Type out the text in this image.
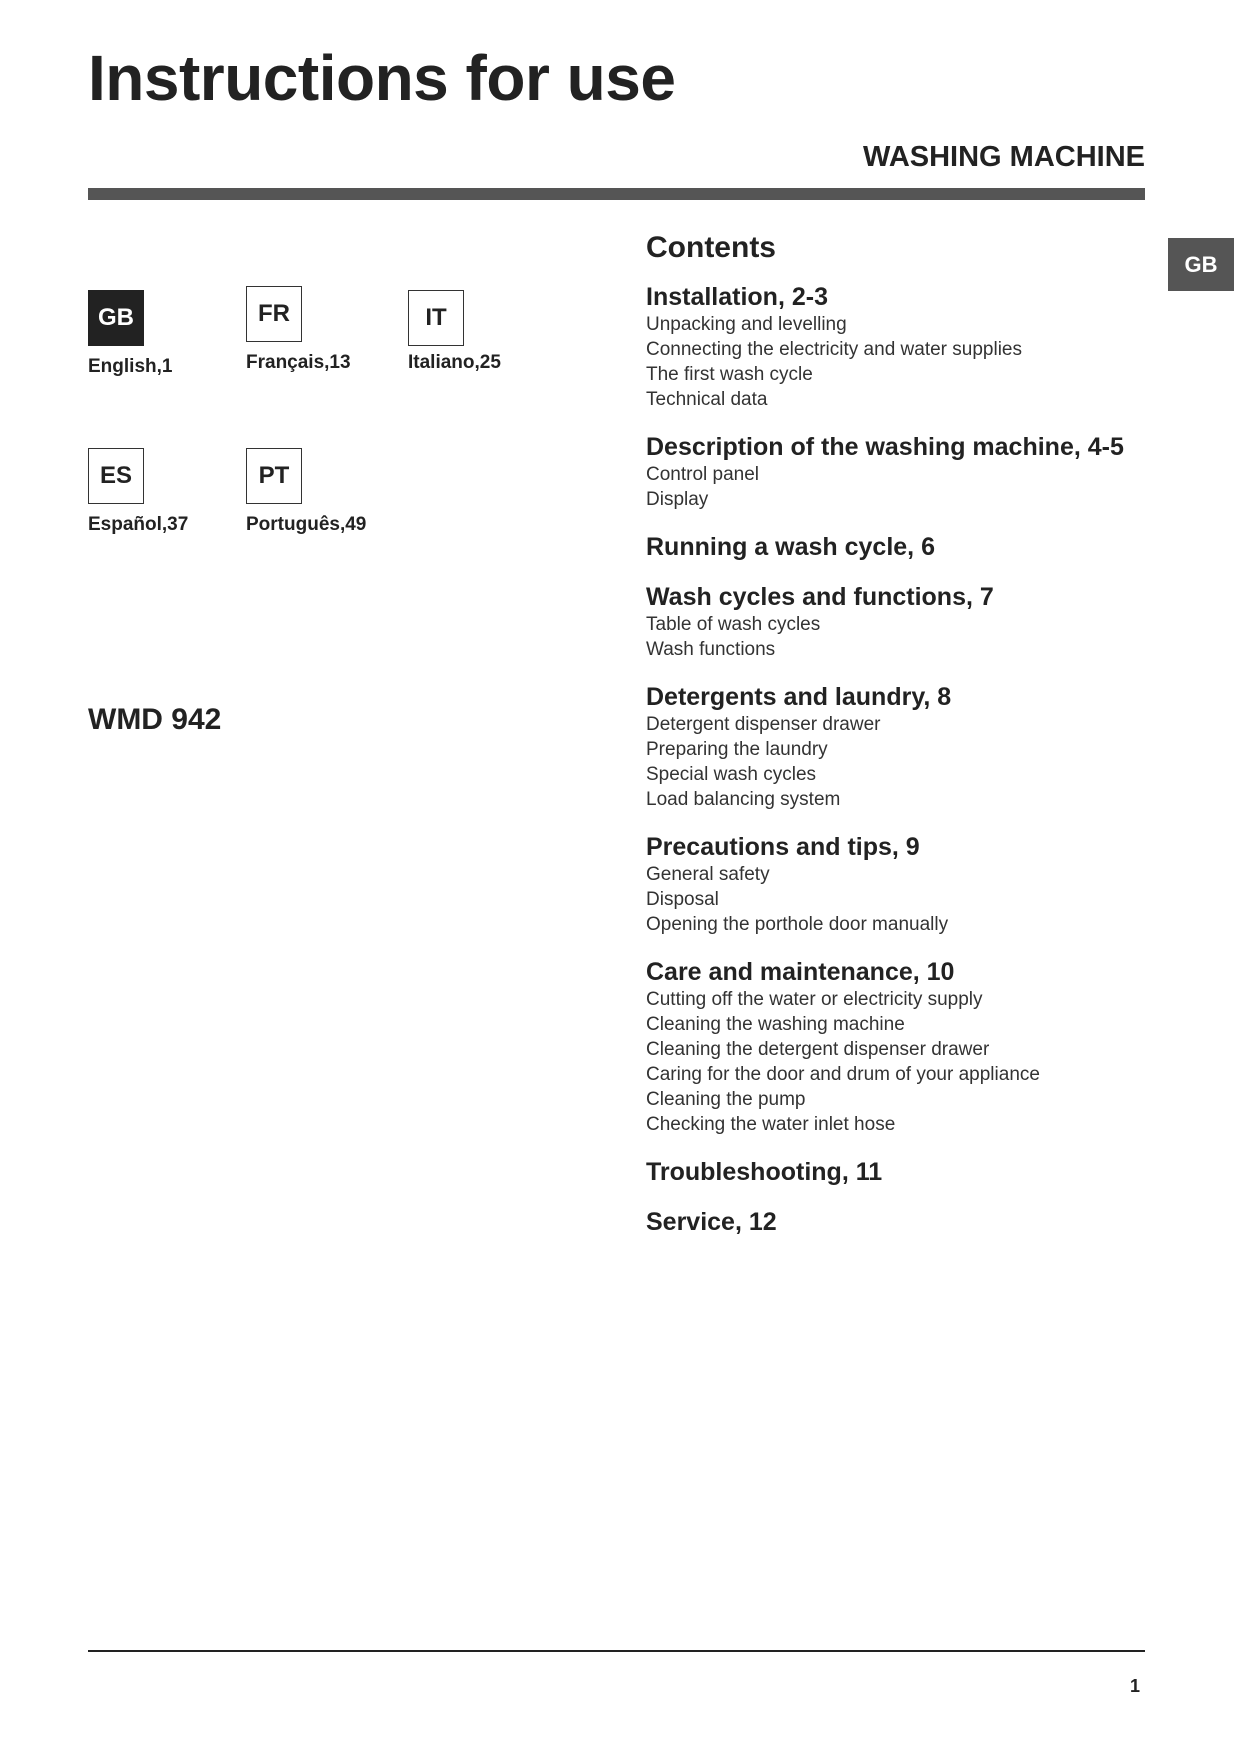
Instructions for use
WASHING MACHINE
GB
GB
English,1
FR
Français,13
IT
Italiano,25
ES
Español,37
PT
Português,49
WMD 942
Contents
Installation, 2-3
Unpacking and levelling
Connecting the electricity and water supplies
The first wash cycle
Technical data
Description of the washing machine, 4-5
Control panel
Display
Running a wash cycle, 6
Wash cycles and functions, 7
Table of wash cycles
Wash functions
Detergents and laundry, 8
Detergent dispenser drawer
Preparing the laundry
Special wash cycles
Load balancing system
Precautions and tips, 9
General safety
Disposal
Opening the porthole door manually
Care and maintenance, 10
Cutting off the water or electricity supply
Cleaning the washing machine
Cleaning the detergent dispenser drawer
Caring for the door and drum of your appliance
Cleaning the pump
Checking the water inlet hose
Troubleshooting, 11
Service, 12
1
